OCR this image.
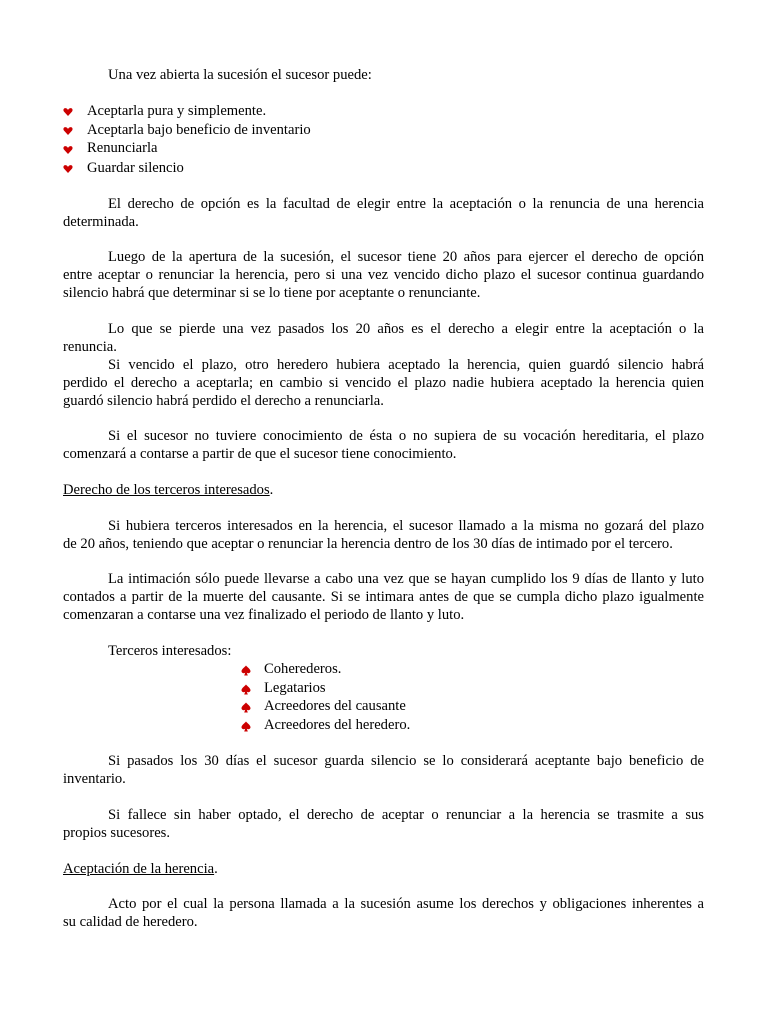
Una vez abierta la sucesión el sucesor puede:
Aceptarla pura y simplemente.
Aceptarla bajo beneficio de inventario
Renunciarla
Guardar silencio
El derecho de opción es la facultad de elegir entre la aceptación o la renuncia de una herencia
determinada.
Luego de la apertura de la sucesión, el sucesor tiene 20 años para ejercer el derecho de opción
entre aceptar o renunciar la herencia, pero si una vez vencido dicho plazo el sucesor continua guardando
silencio habrá que determinar si se lo tiene por aceptante o renunciante.
Lo que se pierde una vez pasados los 20 años es el derecho a elegir entre la aceptación o la
renuncia.
Si vencido el plazo, otro heredero hubiera aceptado la herencia, quien guardó silencio habrá
perdido el derecho a aceptarla; en cambio si vencido el plazo nadie hubiera aceptado la herencia quien
guardó silencio habrá perdido el derecho a renunciarla.
Si el sucesor no tuviere conocimiento de ésta o no supiera de su vocación hereditaria, el plazo
comenzará a contarse a partir de que el sucesor tiene conocimiento.
Derecho de los terceros interesados.
Si hubiera terceros interesados en la herencia, el sucesor llamado a la misma no gozará del plazo
de 20 años, teniendo que aceptar o renunciar la herencia dentro de los 30 días de intimado por el tercero.
La intimación sólo puede llevarse a cabo una vez que se hayan cumplido los 9 días de llanto y luto
contados a partir de la muerte del causante. Si se intimara antes de que se cumpla dicho plazo igualmente
comenzaran a contarse una vez finalizado el periodo de llanto y luto.
Terceros interesados:
Coherederos.
Legatarios
Acreedores del causante
Acreedores del heredero.
Si pasados los 30 días el sucesor guarda silencio se lo considerará aceptante bajo beneficio de
inventario.
Si fallece sin haber optado, el derecho de aceptar o renunciar a la herencia se trasmite a sus
propios sucesores.
Aceptación de la herencia.
Acto por el cual la persona llamada a la sucesión asume los derechos y obligaciones inherentes a
su calidad de heredero.
